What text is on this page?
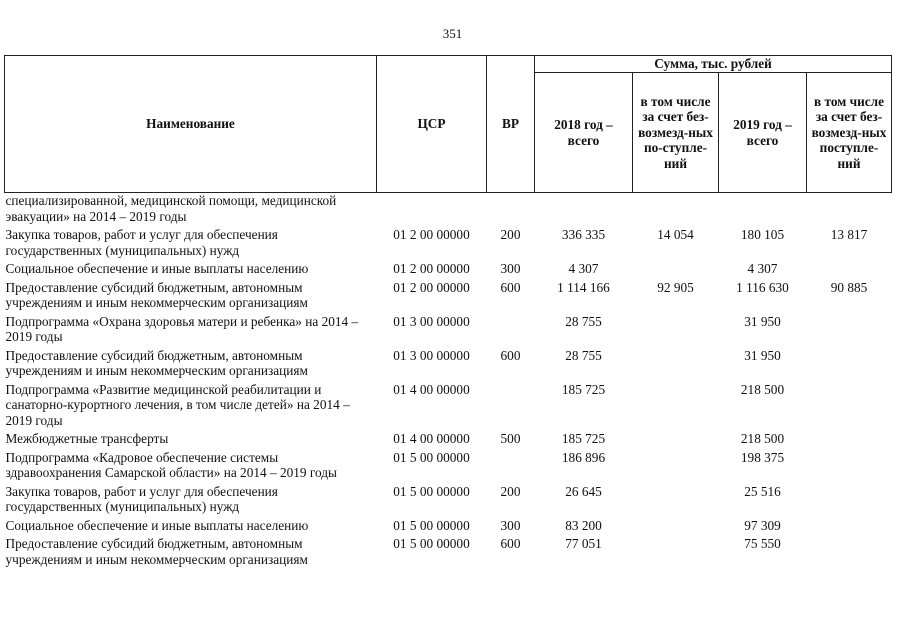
351
Наименование	ЦСР	ВР	Сумма, тыс. рублей			
			2018 год – всего	в том числе за счет без-возмезд-ных по-ступле-ний	2019 год – всего	в том числе за счет без-возмезд-ных поступле-ний
специализированной, медицинской помощи, медицинской эвакуации» на 2014 – 2019 годы						
Закупка товаров, работ и услуг для обеспечения государственных (муниципальных) нужд	01 2 00 00000	200	336 335	14 054	180 105	13 817
Социальное обеспечение и иные выплаты населению	01 2 00 00000	300	4 307		4 307	
Предоставление субсидий бюджетным, автономным учреждениям и иным некоммерческим организациям	01 2 00 00000	600	1 114 166	92 905	1 116 630	90 885
Подпрограмма «Охрана здоровья матери и ребенка» на 2014 – 2019 годы	01 3 00 00000		28 755		31 950	
Предоставление субсидий бюджетным, автономным учреждениям и иным некоммерческим организациям	01 3 00 00000	600	28 755		31 950	
Подпрограмма «Развитие медицинской реабилитации и санаторно-курортного лечения, в том числе детей» на 2014 – 2019 годы	01 4 00 00000		185 725		218 500	
Межбюджетные трансферты	01 4 00 00000	500	185 725		218 500	
Подпрограмма «Кадровое обеспечение системы здравоохранения Самарской области» на 2014 – 2019 годы	01 5 00 00000		186 896		198 375	
Закупка товаров, работ и услуг для обеспечения государственных (муниципальных) нужд	01 5 00 00000	200	26 645		25 516	
Социальное обеспечение и иные выплаты населению	01 5 00 00000	300	83 200		97 309	
Предоставление субсидий бюджетным, автономным учреждениям и иным некоммерческим организациям	01 5 00 00000	600	77 051		75 550	
